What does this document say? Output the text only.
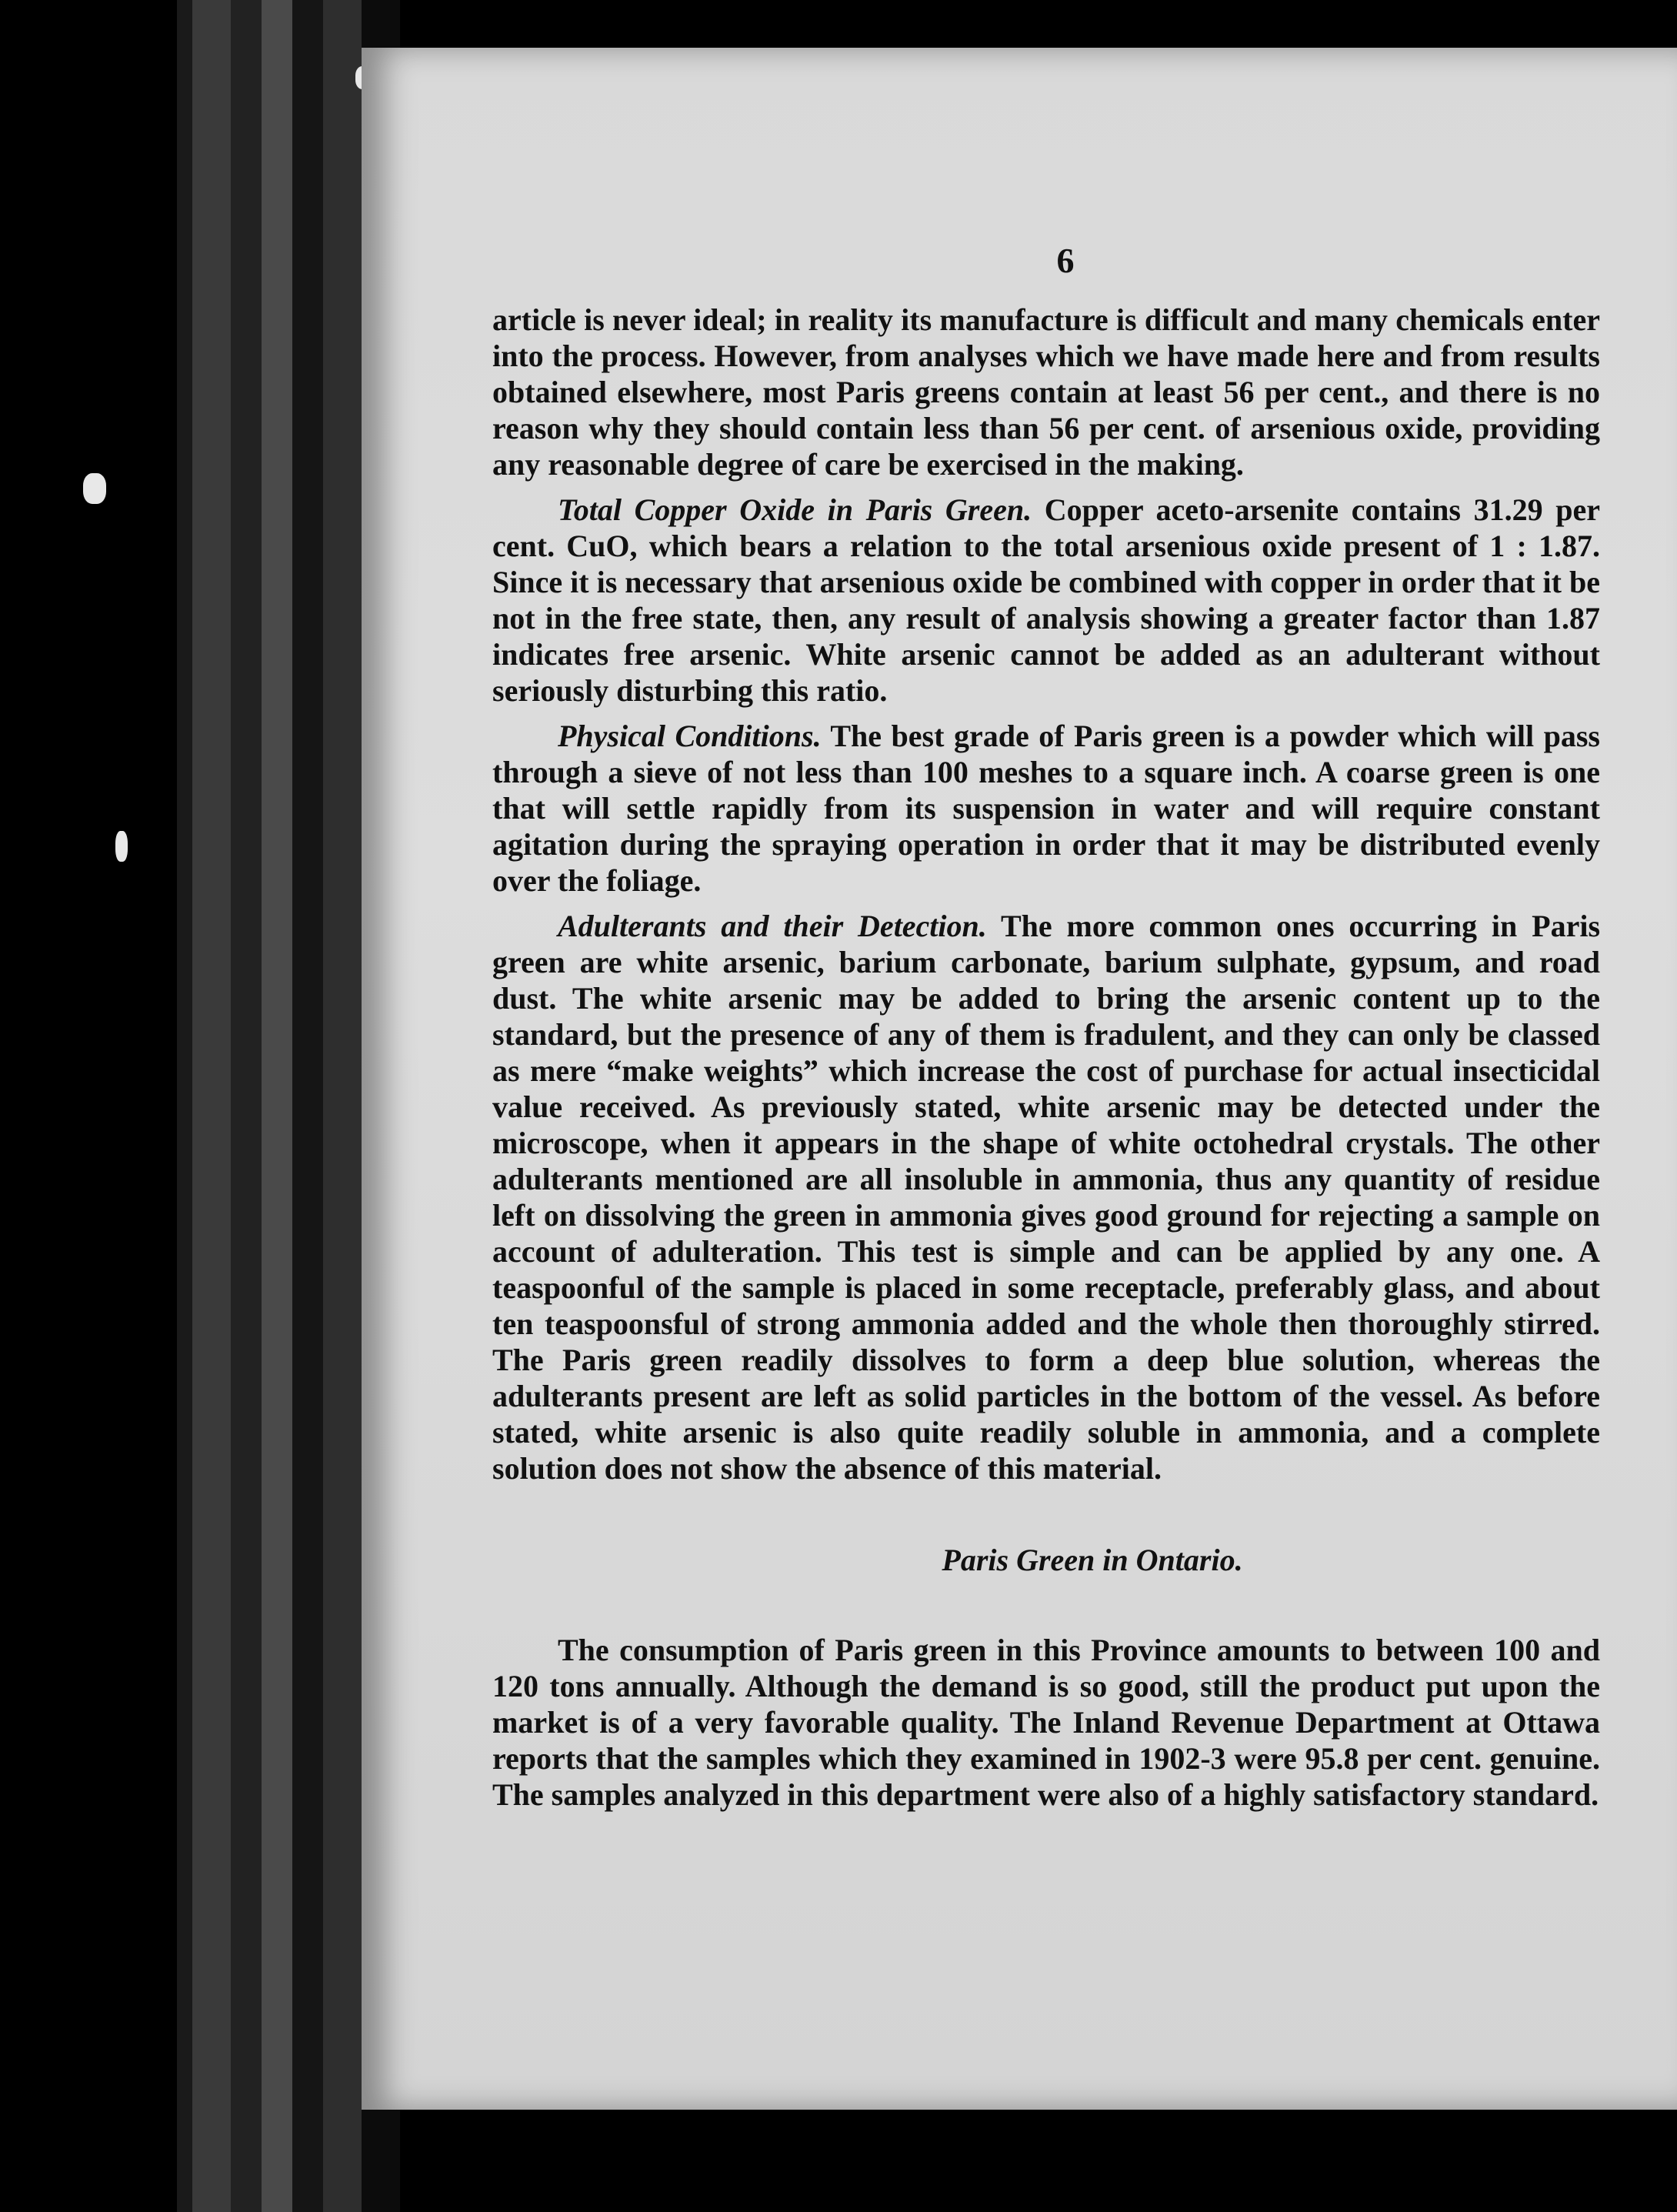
6

article is never ideal; in reality its manufacture is difficult and many chemicals enter into the process. However, from analyses which we have made here and from results obtained elsewhere, most Paris greens contain at least 56 per cent., and there is no reason why they should contain less than 56 per cent. of arsenious oxide, providing any reasonable degree of care be exercised in the making.

Total Copper Oxide in Paris Green. Copper aceto-arsenite contains 31.29 per cent. CuO, which bears a relation to the total arsenious oxide present of 1 : 1.87. Since it is necessary that arsenious oxide be combined with copper in order that it be not in the free state, then, any result of analysis showing a greater factor than 1.87 indicates free arsenic. White arsenic cannot be added as an adulterant without seriously disturbing this ratio.

Physical Conditions. The best grade of Paris green is a powder which will pass through a sieve of not less than 100 meshes to a square inch. A coarse green is one that will settle rapidly from its suspension in water and will require constant agitation during the spraying operation in order that it may be distributed evenly over the foliage.

Adulterants and their Detection. The more common ones occurring in Paris green are white arsenic, barium carbonate, barium sulphate, gypsum, and road dust. The white arsenic may be added to bring the arsenic content up to the standard, but the presence of any of them is fradulent, and they can only be classed as mere “make weights” which increase the cost of purchase for actual insecticidal value received. As previously stated, white arsenic may be detected under the microscope, when it appears in the shape of white octohedral crystals. The other adulterants mentioned are all insoluble in ammonia, thus any quantity of residue left on dissolving the green in ammonia gives good ground for rejecting a sample on account of adulteration. This test is simple and can be applied by any one. A teaspoonful of the sample is placed in some receptacle, preferably glass, and about ten teaspoonsful of strong ammonia added and the whole then thoroughly stirred. The Paris green readily dissolves to form a deep blue solution, whereas the adulterants present are left as solid particles in the bottom of the vessel. As before stated, white arsenic is also quite readily soluble in ammonia, and a complete solution does not show the absence of this material.

Paris Green in Ontario.

The consumption of Paris green in this Province amounts to between 100 and 120 tons annually. Although the demand is so good, still the product put upon the market is of a very favorable quality. The Inland Revenue Department at Ottawa reports that the samples which they examined in 1902-3 were 95.8 per cent. genuine. The samples analyzed in this department were also of a highly satisfactory standard.
